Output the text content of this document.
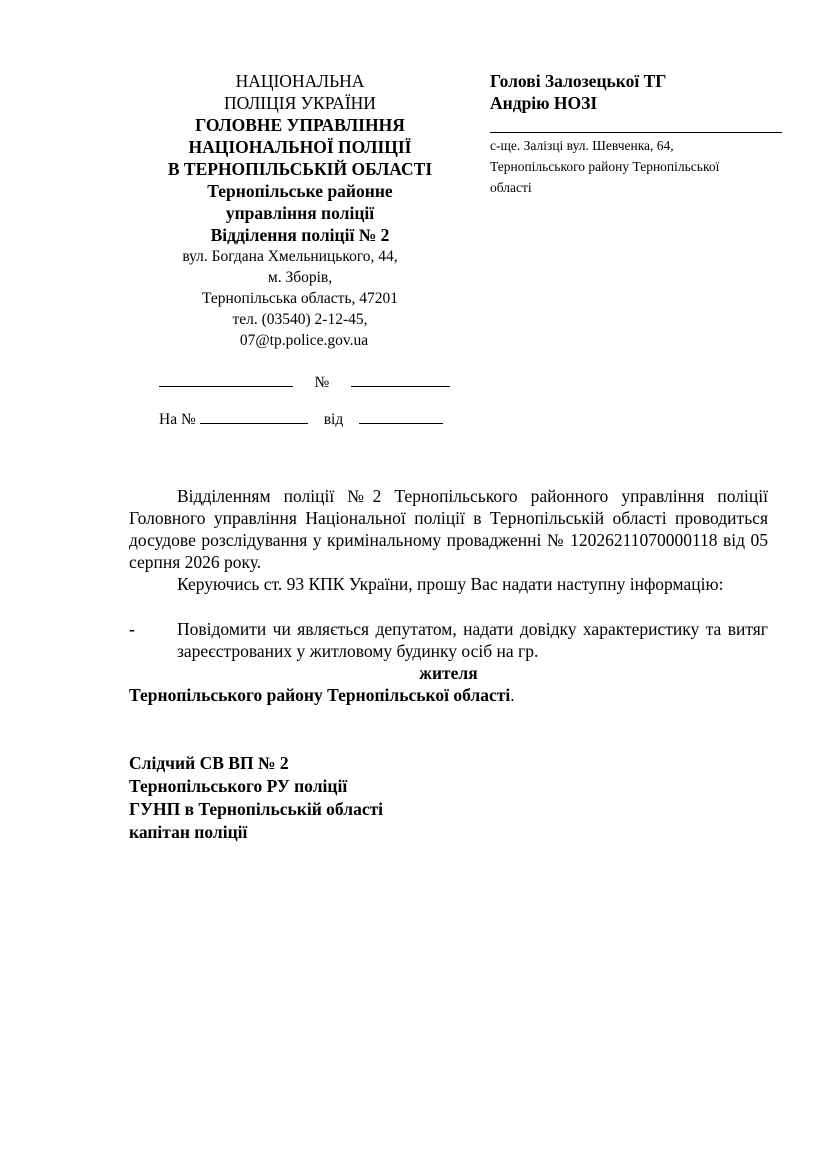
НАЦІОНАЛЬНА
ПОЛІЦІЯ УКРАЇНИ
ГОЛОВНЕ УПРАВЛІННЯ
НАЦІОНАЛЬНОЇ ПОЛІЦІЇ
В ТЕРНОПІЛЬСЬКІЙ ОБЛАСТІ
Тернопільське районне
управління поліції
Відділення поліції № 2
вул. Богдана Хмельницького, 44,
м. Зборів,
Тернопільська область, 47201
тел. (03540) 2-12-45,
07@tp.police.gov.ua
Голові Залозецької ТГ
Андрію НОЗІ
с-ще. Залізці вул. Шевченка, 64,
Тернопільського району Тернопільської
області
№
На №	від

Відділенням поліції №2 Тернопільського районного управління поліції Головного управління Національної поліції в Тернопільській області проводиться досудове розслідування у кримінальному провадженні № 12026211070000118 від 05 серпня 2026 року.

Керуючись ст. 93 КПК України, прошу Вас надати наступну інформацію:

-	Повідомити чи являється депутатом, надати довідку характеристику та витяг зареєстрованих у житловому будинку осіб на гр.
жителя
Тернопільського району Тернопільської області.
Слідчий СВ ВП № 2
Тернопільського РУ поліції
ГУНП в Тернопільській області
капітан поліції
